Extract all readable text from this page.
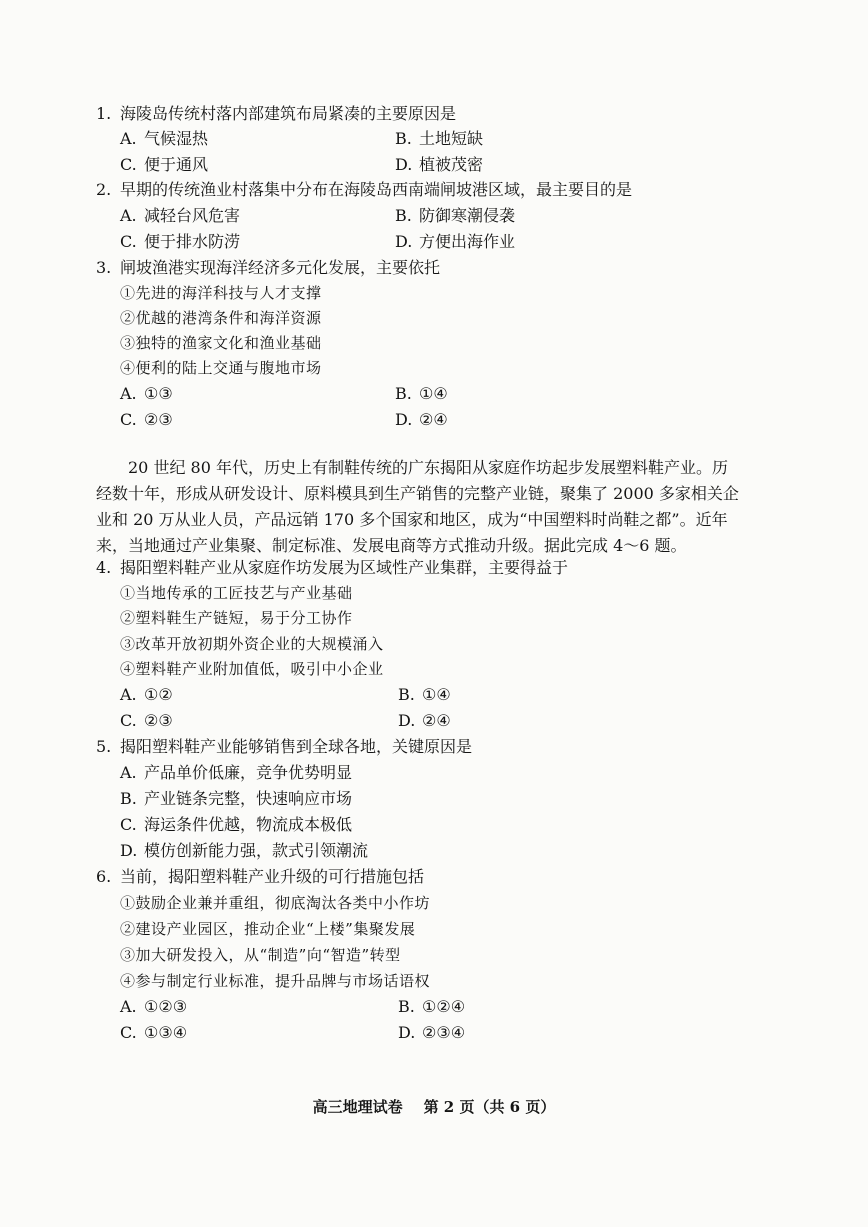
1. 海陵岛传统村落内部建筑布局紧凑的主要原因是
A. 气候湿热	B. 土地短缺
C. 便于通风	D. 植被茂密
2. 早期的传统渔业村落集中分布在海陵岛西南端闸坡港区域，最主要目的是
A. 减轻台风危害	B. 防御寒潮侵袭
C. 便于排水防涝	D. 方便出海作业
3. 闸坡渔港实现海洋经济多元化发展，主要依托
①先进的海洋科技与人才支撑
②优越的港湾条件和海洋资源
③独特的渔家文化和渔业基础
④便利的陆上交通与腹地市场
A. ①③	B. ①④
C. ②③	D. ②④
20 世纪 80 年代，历史上有制鞋传统的广东揭阳从家庭作坊起步发展塑料鞋产业。历
经数十年，形成从研发设计、原料模具到生产销售的完整产业链，聚集了 2000 多家相关企
业和 20 万从业人员，产品远销 170 多个国家和地区，成为“中国塑料时尚鞋之都”。近年
来，当地通过产业集聚、制定标准、发展电商等方式推动升级。据此完成 4～6 题。
4. 揭阳塑料鞋产业从家庭作坊发展为区域性产业集群，主要得益于
①当地传承的工匠技艺与产业基础
②塑料鞋生产链短，易于分工协作
③改革开放初期外资企业的大规模涌入
④塑料鞋产业附加值低，吸引中小企业
A. ①②	B. ①④
C. ②③	D. ②④
5. 揭阳塑料鞋产业能够销售到全球各地，关键原因是
A. 产品单价低廉，竞争优势明显
B. 产业链条完整，快速响应市场
C. 海运条件优越，物流成本极低
D. 模仿创新能力强，款式引领潮流
6. 当前，揭阳塑料鞋产业升级的可行措施包括
①鼓励企业兼并重组，彻底淘汰各类中小作坊
②建设产业园区，推动企业“上楼”集聚发展
③加大研发投入，从“制造”向“智造”转型
④参与制定行业标准，提升品牌与市场话语权
A. ①②③	B. ①②④
C. ①③④	D. ②③④
高三地理试卷 第 2 页（共 6 页）
